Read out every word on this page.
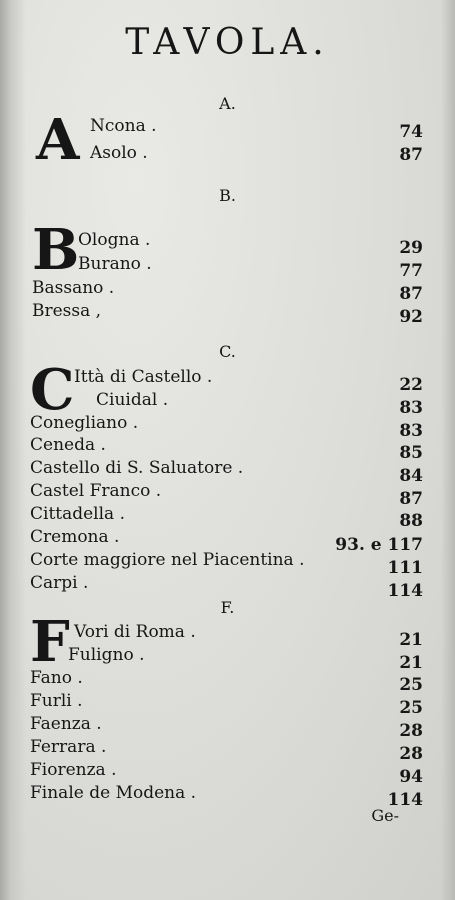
TAVOLA.
A.
A Ncona .	74
Asolo .	87
B.
B
Ologna .	29
Burano .	77
Bassano .	87
Bressa ,	92
C.
C Ittà di Castello .	22
Ciuidal .	83
Conegliano .	83
Ceneda .	85
Castello di S. Saluatore .	84
Castel Franco .	87
Cittadella .	88
Cremona .	93. e 117
Corte maggiore nel Piacentina .	111
Carpi .	114
F.
F Vori di Roma .	21
Fuligno .	21
Fano .	25
Furli .	25
Faenza .	28
Ferrara .	28
Fiorenza .	94
Finale de Modena .	114
Ge-
